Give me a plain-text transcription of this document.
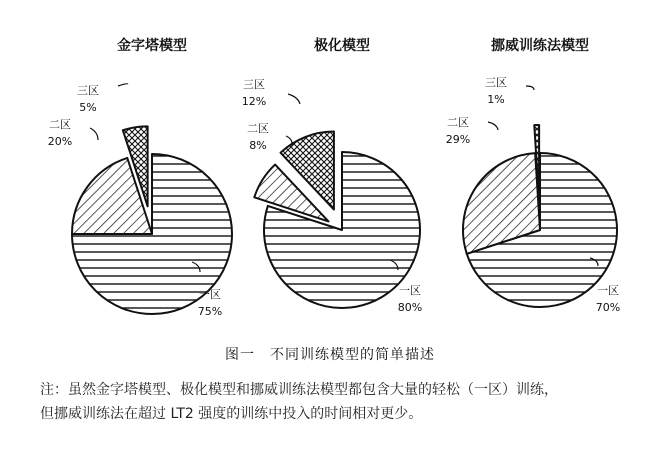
金字塔模型
一区
75%
二区
20%
三区
5%
极化模型
一区
80%
二区
8%
三区
12%
挪威训练法模型
一区
70%
二区
29%
三区
1%
图一　不同训练模型的简单描述

注：虽然金字塔模型、极化模型和挪威训练法模型都包含大量的轻松（一区）训练，

但挪威训练法在超过 LT2 强度的训练中投入的时间相对更少。
